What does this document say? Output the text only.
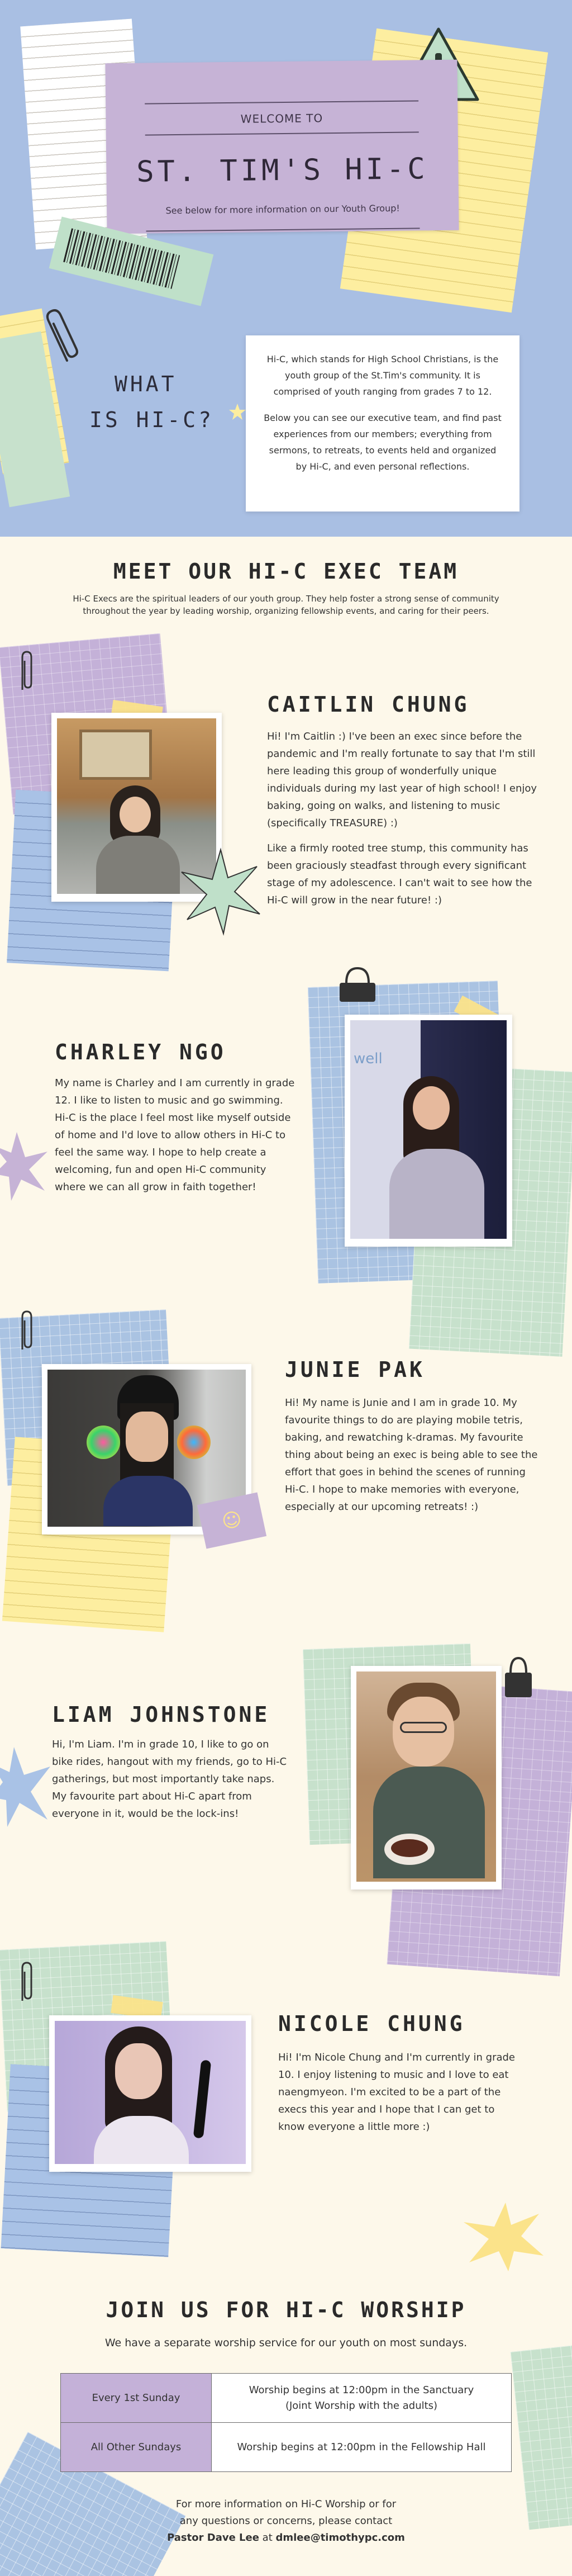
WELCOME TO
ST. TIM'S HI-C
See below for more information on our Youth Group!
WHAT
IS HI-C?

Hi-C, which stands for High School Christians, is the youth group of the St.Tim's community. It is comprised of youth ranging from grades 7 to 12.

Below you can see our executive team, and find past experiences from our members; everything from sermons, to retreats, to events held and organized by Hi-C, and even personal reflections.

MEET OUR HI-C EXEC TEAM

Hi-C Execs are the spiritual leaders of our youth group. They help foster a strong sense of community throughout the year by leading worship, organizing fellowship events, and caring for their peers.

CAITLIN CHUNG

Hi! I'm Caitlin :) I've been an exec since before the pandemic and I'm really fortunate to say that I'm still here leading this group of wonderfully unique individuals during my last year of high school! I enjoy baking, going on walks, and listening to music (specifically TREASURE) :)

Like a firmly rooted tree stump, this community has been graciously steadfast through every significant stage of my adolescence. I can't wait to see how the Hi-C will grow in the near future! :)

well
CHARLEY NGO

My name is Charley and I am currently in grade 12. I like to listen to music and go swimming. Hi-C is the place I feel most like myself outside of home and I'd love to allow others in Hi-C to feel the same way. I hope to help create a welcoming, fun and open Hi-C community where we can all grow in faith together!

☺
JUNIE PAK

Hi! My name is Junie and I am in grade 10. My favourite things to do are playing mobile tetris, baking, and rewatching k-dramas. My favourite thing about being an exec is being able to see the effort that goes in behind the scenes of running Hi-C. I hope to make memories with everyone, especially at our upcoming retreats! :)

LIAM JOHNSTONE

Hi, I'm Liam. I'm in grade 10, I like to go on bike rides, hangout with my friends, go to Hi-C gatherings, but most importantly take naps. My favourite part about Hi-C apart from everyone in it, would be the lock-ins!

NICOLE CHUNG

Hi! I'm Nicole Chung and I'm currently in grade 10. I enjoy listening to music and I love to eat naengmyeon. I'm excited to be a part of the execs this year and I hope that I can get to know everyone a little more :)

JOIN US FOR HI-C WORSHIP

We have a separate worship service for our youth on most sundays.

Every 1st Sunday	Worship begins at 12:00pm in the Sanctuary
(Joint Worship with the adults)

All Other Sundays	Worship begins at 12:00pm in the Fellowship Hall
For more information on Hi-C Worship or for
any questions or concerns, please contact
Pastor Dave Lee at dmlee@timothypc.com
